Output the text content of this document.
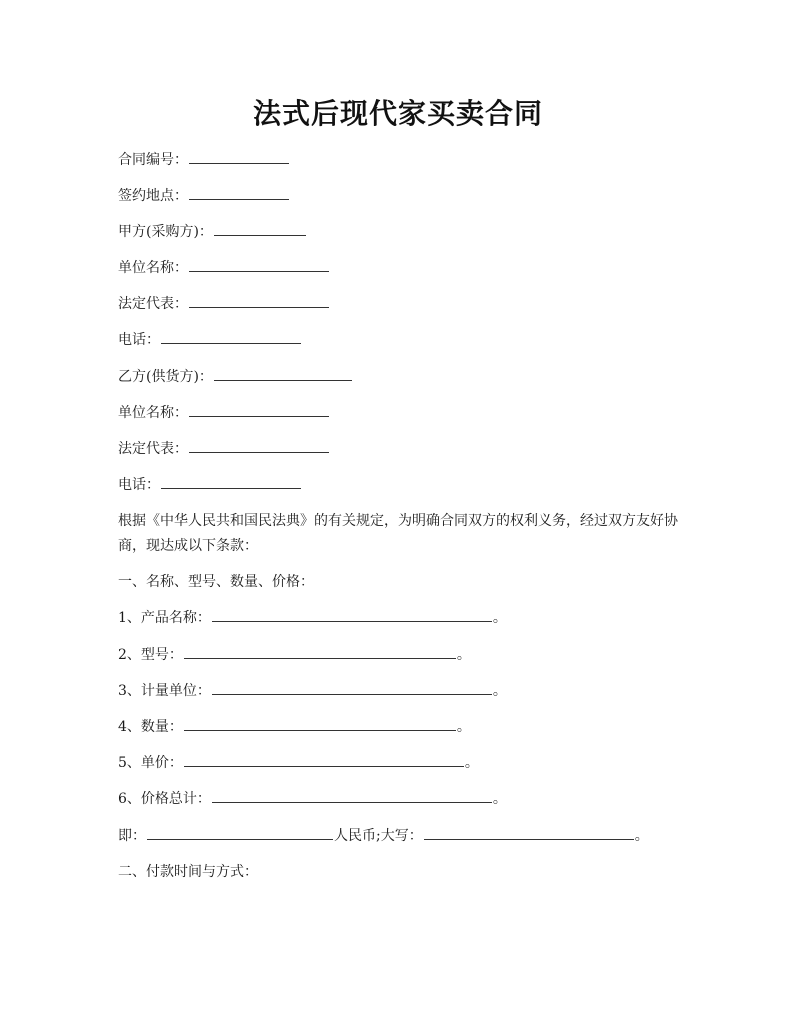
法式后现代家买卖合同
合同编号：
签约地点：
甲方(采购方)：
单位名称：
法定代表：
电话：
乙方(供货方)：
单位名称：
法定代表：
电话：
根据《中华人民共和国民法典》的有关规定，为明确合同双方的权利义务，经过双方友好协商，现达成以下条款：
一、名称、型号、数量、价格：
1、产品名称：	。
2、型号：	。
3、计量单位：	。
4、数量：	。
5、单价：	。
6、价格总计：	。
即：	人民币;大写：	。
二、付款时间与方式：
